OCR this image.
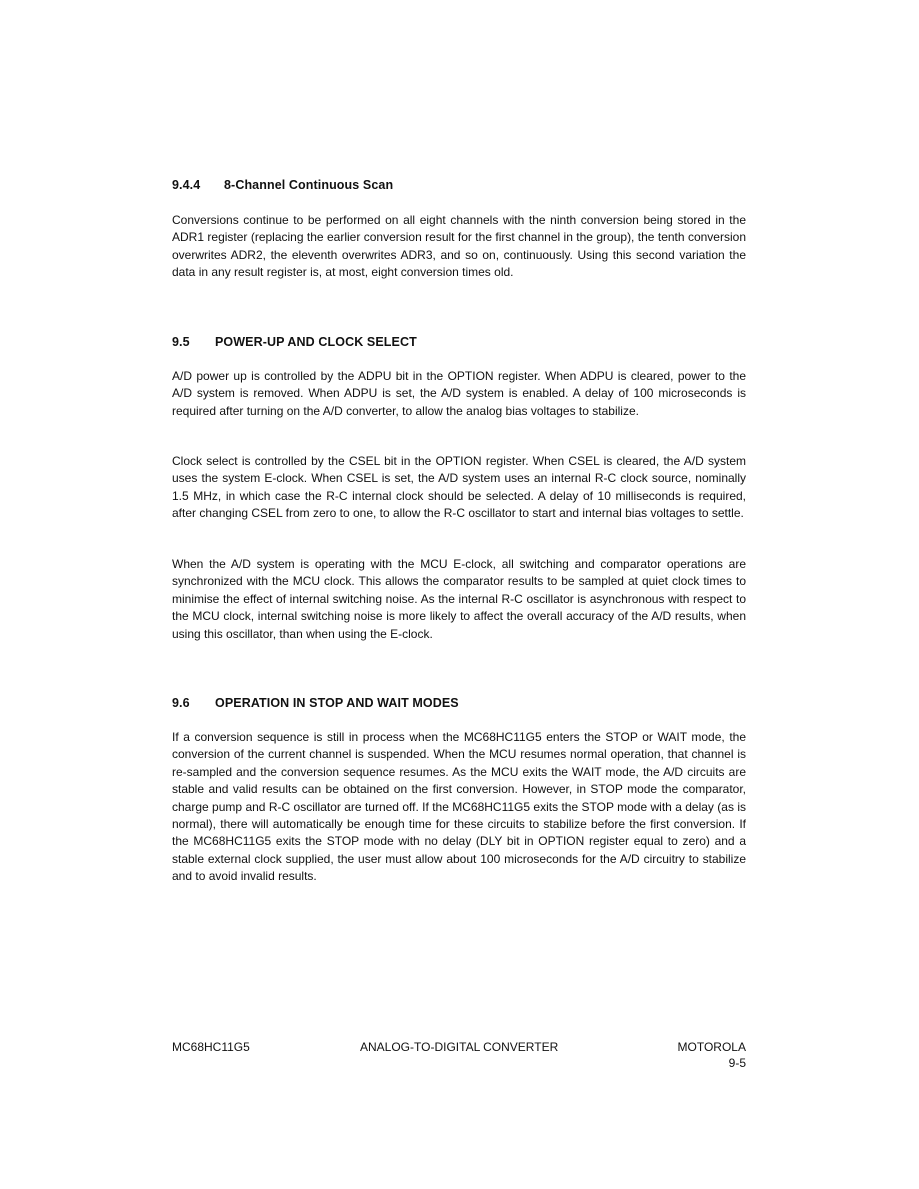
9.4.4 8-Channel Continuous Scan

Conversions continue to be performed on all eight channels with the ninth conversion being stored in the ADR1 register (replacing the earlier conversion result for the first channel in the group), the tenth conversion overwrites ADR2, the eleventh overwrites ADR3, and so on, continuously. Using this second variation the data in any result register is, at most, eight conversion times old.

9.5 POWER-UP AND CLOCK SELECT

A/D power up is controlled by the ADPU bit in the OPTION register. When ADPU is cleared, power to the A/D system is removed. When ADPU is set, the A/D system is enabled. A delay of 100 microseconds is required after turning on the A/D converter, to allow the analog bias voltages to stabilize.

Clock select is controlled by the CSEL bit in the OPTION register. When CSEL is cleared, the A/D system uses the system E-clock. When CSEL is set, the A/D system uses an internal R-C clock source, nominally 1.5 MHz, in which case the R-C internal clock should be selected. A delay of 10 milliseconds is required, after changing CSEL from zero to one, to allow the R-C oscillator to start and internal bias voltages to settle.

When the A/D system is operating with the MCU E-clock, all switching and comparator operations are synchronized with the MCU clock. This allows the comparator results to be sampled at quiet clock times to minimise the effect of internal switching noise. As the internal R-C oscillator is asynchronous with respect to the MCU clock, internal switching noise is more likely to affect the overall accuracy of the A/D results, when using this oscillator, than when using the E-clock.

9.6 OPERATION IN STOP AND WAIT MODES

If a conversion sequence is still in process when the MC68HC11G5 enters the STOP or WAIT mode, the conversion of the current channel is suspended. When the MCU resumes normal operation, that channel is re-sampled and the conversion sequence resumes. As the MCU exits the WAIT mode, the A/D circuits are stable and valid results can be obtained on the first conversion. However, in STOP mode the comparator, charge pump and R-C oscillator are turned off. If the MC68HC11G5 exits the STOP mode with a delay (as is normal), there will automatically be enough time for these circuits to stabilize before the first conversion. If the MC68HC11G5 exits the STOP mode with no delay (DLY bit in OPTION register equal to zero) and a stable external clock supplied, the user must allow about 100 microseconds for the A/D circuitry to stabilize and to avoid invalid results.

MC68HC11G5	ANALOG-TO-DIGITAL CONVERTER	MOTOROLA
9-5
